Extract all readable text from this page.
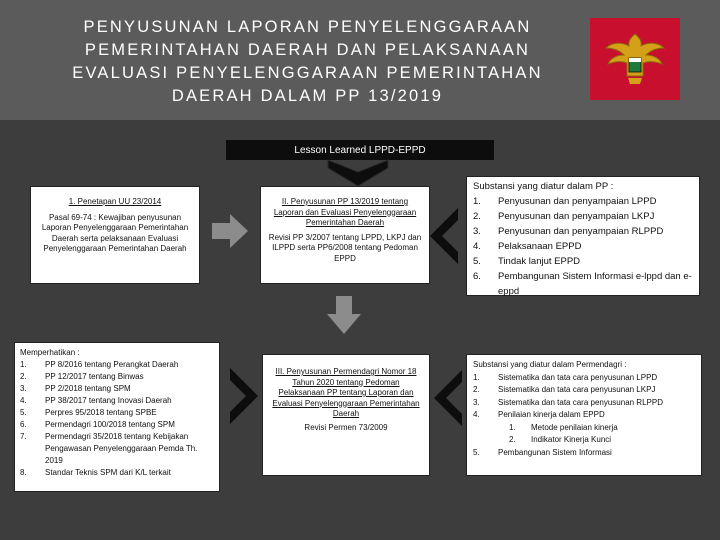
PENYUSUNAN LAPORAN PENYELENGGARAAN PEMERINTAHAN DAERAH DAN PELAKSANAAN EVALUASI PENYELENGGARAAN PEMERINTAHAN DAERAH DALAM PP 13/2019
Lesson Learned LPPD-EPPD
1. Penetapan UU 23/2014
Pasal 69-74 : Kewajiban penyusunan Laporan Penyelenggaraan Pemerintahan Daerah serta pelaksanaan Evaluasi Penyelenggaraan Pemerintahan Daerah
II. Penyusunan PP 13/2019 tentang Laporan dan Evaluasi Penyelenggaraan Pemerintahan Daerah
Revisi PP 3/2007 tentang LPPD, LKPJ dan ILPPD serta PP6/2008 tentang Pedoman EPPD
Substansi yang diatur dalam PP :
1.	Penyusunan dan penyampaian LPPD
2.	Penyusunan dan penyampaian LKPJ
3.	Penyusunan dan penyampaian RLPPD
4.	Pelaksanaan EPPD
5.	Tindak lanjut EPPD
6.	Pembangunan Sistem Informasi e-lppd dan e-eppd
Memperhatikan :
1.	PP 8/2016 tentang Perangkat Daerah
2.	PP 12/2017 tentang Binwas
3.	PP 2/2018 tentang SPM
4.	PP 38/2017 tentang Inovasi Daerah
5.	Perpres 95/2018 tentang SPBE
6.	Permendagri 100/2018 tentang SPM
7.	Permendagri 35/2018 tentang Kebijakan Pengawasan Penyelenggaraan Pemda Th. 2019
8.	Standar Teknis SPM dari K/L terkait
III. Penyusunan Permendagri Nomor 18 Tahun 2020 tentang Pedoman Pelaksanaan PP tentang Laporan dan Evaluasi Penyelenggaraan Pemerintahan Daerah
Revisi Permen 73/2009
Substansi yang diatur dalam Permendagri :
1.	Sistematika dan tata cara penyusunan LPPD
2.	Sistematika dan tata cara penyusunan LKPJ
3.	Sistematika dan tata cara penyusunan RLPPD
4.	Penilaian kinerja dalam EPPD
1.	Metode penilaian kinerja
2.	Indikator Kinerja Kunci
5.	Pembangunan Sistem Informasi
